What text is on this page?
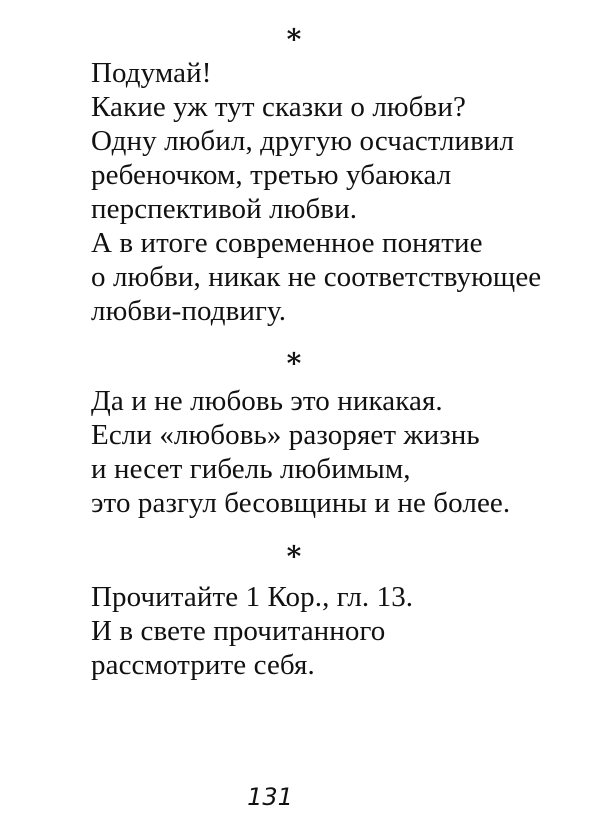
*
Подумай!
Какие уж тут сказки о любви?
Одну любил, другую осчастливил
ребеночком, третью убаюкал
перспективой любви.
А в итоге современное понятие
о любви, никак не соответствующее
любви-подвигу.
*
Да и не любовь это никакая.
Если «любовь» разоряет жизнь
и несет гибель любимым,
это разгул бесовщины и не более.
*
Прочитайте 1 Кор., гл. 13.
И в свете прочитанного
рассмотрите себя.
131
